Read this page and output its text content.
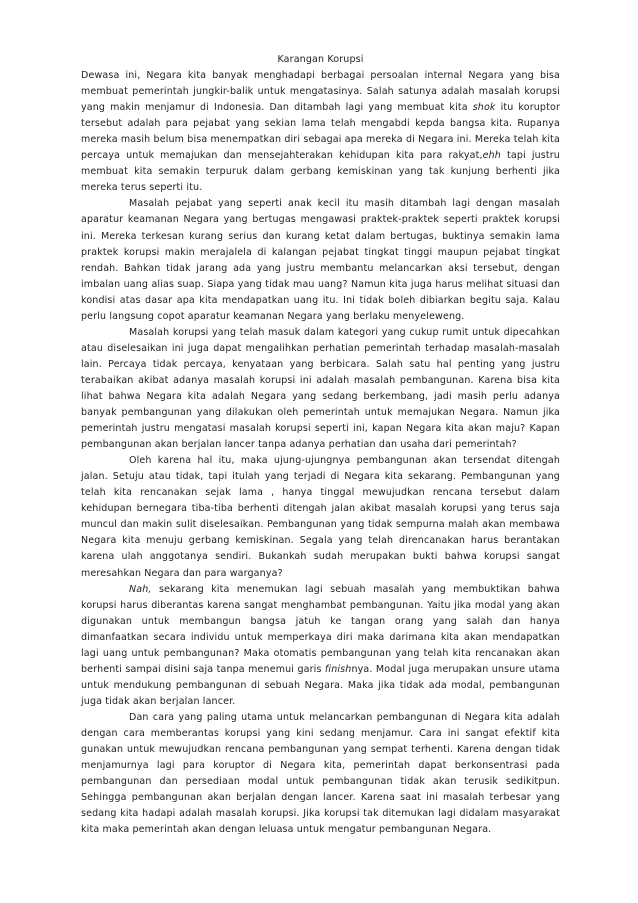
Karangan Korupsi

Dewasa ini, Negara kita banyak menghadapi berbagai persoalan internal Negara yang bisa membuat pemerintah jungkir-balik untuk mengatasinya. Salah satunya adalah masalah korupsi yang makin menjamur di Indonesia. Dan ditambah lagi yang membuat kita shok itu koruptor tersebut adalah para pejabat yang sekian lama telah mengabdi kepda bangsa kita. Rupanya mereka masih belum bisa menempatkan diri sebagai apa mereka di Negara ini. Mereka telah kita percaya untuk memajukan dan mensejahterakan kehidupan kita para rakyat,ehh tapi justru membuat kita semakin terpuruk dalam gerbang kemiskinan yang tak kunjung berhenti jika mereka terus seperti itu.

Masalah pejabat yang seperti anak kecil itu masih ditambah lagi dengan masalah aparatur keamanan Negara yang bertugas mengawasi praktek-praktek seperti praktek korupsi ini. Mereka terkesan kurang serius dan kurang ketat dalam bertugas, buktinya semakin lama praktek korupsi makin merajalela di kalangan pejabat tingkat tinggi maupun pejabat tingkat rendah. Bahkan tidak jarang ada yang justru membantu melancarkan aksi tersebut, dengan imbalan uang alias suap. Siapa yang tidak mau uang? Namun kita juga harus melihat situasi dan kondisi atas dasar apa kita mendapatkan uang itu. Ini tidak boleh dibiarkan begitu saja. Kalau perlu langsung copot aparatur keamanan Negara yang berlaku menyeleweng.

Masalah korupsi yang telah masuk dalam kategori yang cukup rumit untuk dipecahkan atau diselesaikan ini juga dapat mengalihkan perhatian pemerintah terhadap masalah-masalah lain. Percaya tidak percaya, kenyataan yang berbicara. Salah satu hal penting yang justru terabaikan akibat adanya masalah korupsi ini adalah masalah pembangunan. Karena bisa kita lihat bahwa Negara kita adalah Negara yang sedang berkembang, jadi masih perlu adanya banyak pembangunan yang dilakukan oleh pemerintah untuk memajukan Negara. Namun jika pemerintah justru mengatasi masalah korupsi seperti ini, kapan Negara kita akan maju? Kapan pembangunan akan berjalan lancer tanpa adanya perhatian dan usaha dari pemerintah?

Oleh karena hal itu, maka ujung-ujungnya pembangunan akan tersendat ditengah jalan. Setuju atau tidak, tapi itulah yang terjadi di Negara kita sekarang. Pembangunan yang telah kita rencanakan sejak lama , hanya tinggal mewujudkan rencana tersebut dalam kehidupan bernegara tiba-tiba berhenti ditengah jalan akibat masalah korupsi yang terus saja muncul dan makin sulit diselesaikan. Pembangunan yang tidak sempurna malah akan membawa Negara kita menuju gerbang kemiskinan. Segala yang telah direncanakan harus berantakan karena ulah anggotanya sendiri. Bukankah sudah merupakan bukti bahwa korupsi sangat meresahkan Negara dan para warganya?

Nah, sekarang kita menemukan lagi sebuah masalah yang membuktikan bahwa korupsi harus diberantas karena sangat menghambat pembangunan. Yaitu jika modal yang akan digunakan untuk membangun bangsa jatuh ke tangan orang yang salah dan hanya dimanfaatkan secara individu untuk memperkaya diri maka darimana kita akan mendapatkan lagi uang untuk pembangunan? Maka otomatis pembangunan yang telah kita rencanakan akan berhenti sampai disini saja tanpa menemui garis finishnya. Modal juga merupakan unsure utama untuk mendukung pembangunan di sebuah Negara. Maka jika tidak ada modal, pembangunan juga tidak akan berjalan lancer.

Dan cara yang paling utama untuk melancarkan pembangunan di Negara kita adalah dengan cara memberantas korupsi yang kini sedang menjamur. Cara ini sangat efektif kita gunakan untuk mewujudkan rencana pembangunan yang sempat terhenti. Karena dengan tidak menjamurnya lagi para koruptor di Negara kita, pemerintah dapat berkonsentrasi pada pembangunan dan persediaan modal untuk pembangunan tidak akan terusik sedikitpun. Sehingga pembangunan akan berjalan dengan lancer. Karena saat ini masalah terbesar yang sedang kita hadapi adalah masalah korupsi. Jika korupsi tak ditemukan lagi didalam masyarakat kita maka pemerintah akan dengan leluasa untuk mengatur pembangunan Negara.
